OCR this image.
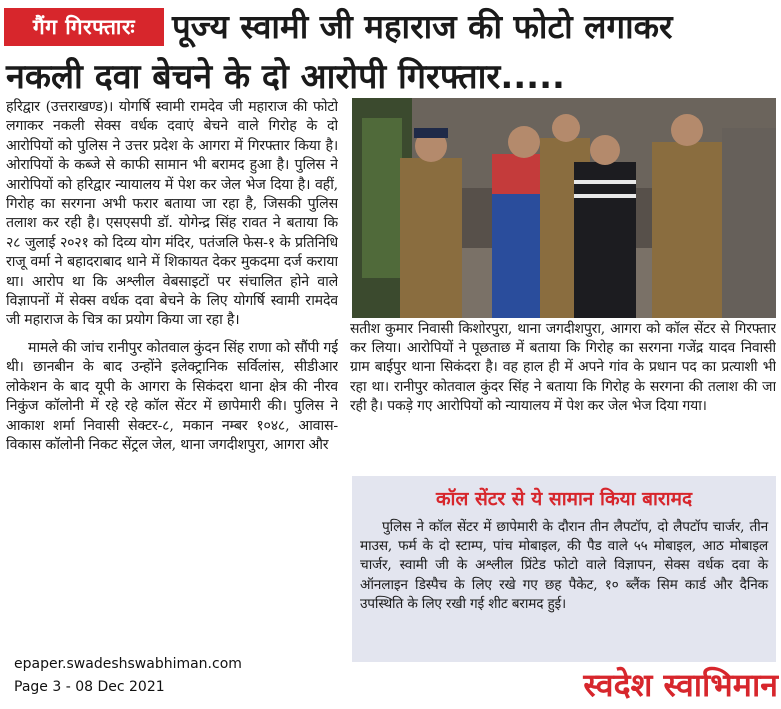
गैंग गिरफ्तारः	पूज्य स्वामी जी महाराज की फोटो लगाकर
नकली दवा बेचने के दो आरोपी गिरफ्तार.....

हरिद्वार (उत्तराखण्ड)। योगर्षि स्वामी रामदेव जी महाराज की फोटो लगाकर नकली सेक्स वर्धक दवाएं बेचने वाले गिरोह के दो आरोपियों को पुलिस ने उत्तर प्रदेश के आगरा में गिरफ्तार किया है। ओरापियों के कब्जे से काफी सामान भी बरामद हुआ है। पुलिस ने आरोपियों को हरिद्वार न्यायालय में पेश कर जेल भेज दिया है। वहीं, गिरोह का सरगना अभी फरार बताया जा रहा है, जिसकी पुलिस तलाश कर रही है। एसएसपी डॉ. योगेन्द्र सिंह रावत ने बताया कि २८ जुलाई २०२१ को दिव्य योग मंदिर, पतंजलि फेस-१ के प्रतिनिधि राजू वर्मा ने बहादराबाद थाने में शिकायत देकर मुकदमा दर्ज कराया था। आरोप था कि अश्लील वेबसाइटों पर संचालित होने वाले विज्ञापनों में सेक्स वर्धक दवा बेचने के लिए योगर्षि स्वामी रामदेव जी महाराज के चित्र का प्रयोग किया जा रहा है।

मामले की जांच रानीपुर कोतवाल कुंदन सिंह राणा को सौंपी गई थी। छानबीन के बाद उन्होंने इलेक्ट्रानिक सर्विलांस, सीडीआर लोकेशन के बाद यूपी के आगरा के सिकंदरा थाना क्षेत्र की नीरव निकुंज कॉलोनी में रहे रहे कॉल सेंटर में छापेमारी की। पुलिस ने आकाश शर्मा निवासी सेक्टर-८, मकान नम्बर १०४८, आवास-विकास कॉलोनी निकट सेंट्रल जेल, थाना जगदीशपुरा, आगरा और

सतीश कुमार निवासी किशोरपुरा, थाना जगदीशपुरा, आगरा को कॉल सेंटर से गिरफ्तार कर लिया। आरोपियों ने पूछताछ में बताया कि गिरोह का सरगना गजेंद्र यादव निवासी ग्राम बाईपुर थाना सिकंदरा है। वह हाल ही में अपने गांव के प्रधान पद का प्रत्याशी भी रहा था। रानीपुर कोतवाल कुंदर सिंह ने बताया कि गिरोह के सरगना की तलाश की जा रही है। पकड़े गए आरोपियों को न्यायालय में पेश कर जेल भेज दिया गया।

कॉल सेंटर से ये सामान किया बारामद
पुलिस ने कॉल सेंटर में छापेमारी के दौरान तीन लैपटॉप, दो लैपटॉप चार्जर, तीन माउस, फर्म के दो स्टाम्प, पांच मोबाइल, की पैड वाले ५५ मोबाइल, आठ मोबाइल चार्जर, स्वामी जी के अश्लील प्रिंटेड फोटो वाले विज्ञापन, सेक्स वर्धक दवा के ऑनलाइन डिस्पैच के लिए रखे गए छह पैकेट, १० ब्लैंक सिम कार्ड और दैनिक उपस्थिति के लिए रखी गई शीट बरामद हुई।
epaper.swadeshswabhiman.com
Page 3 - 08 Dec 2021	स्वदेश स्वाभिमान
